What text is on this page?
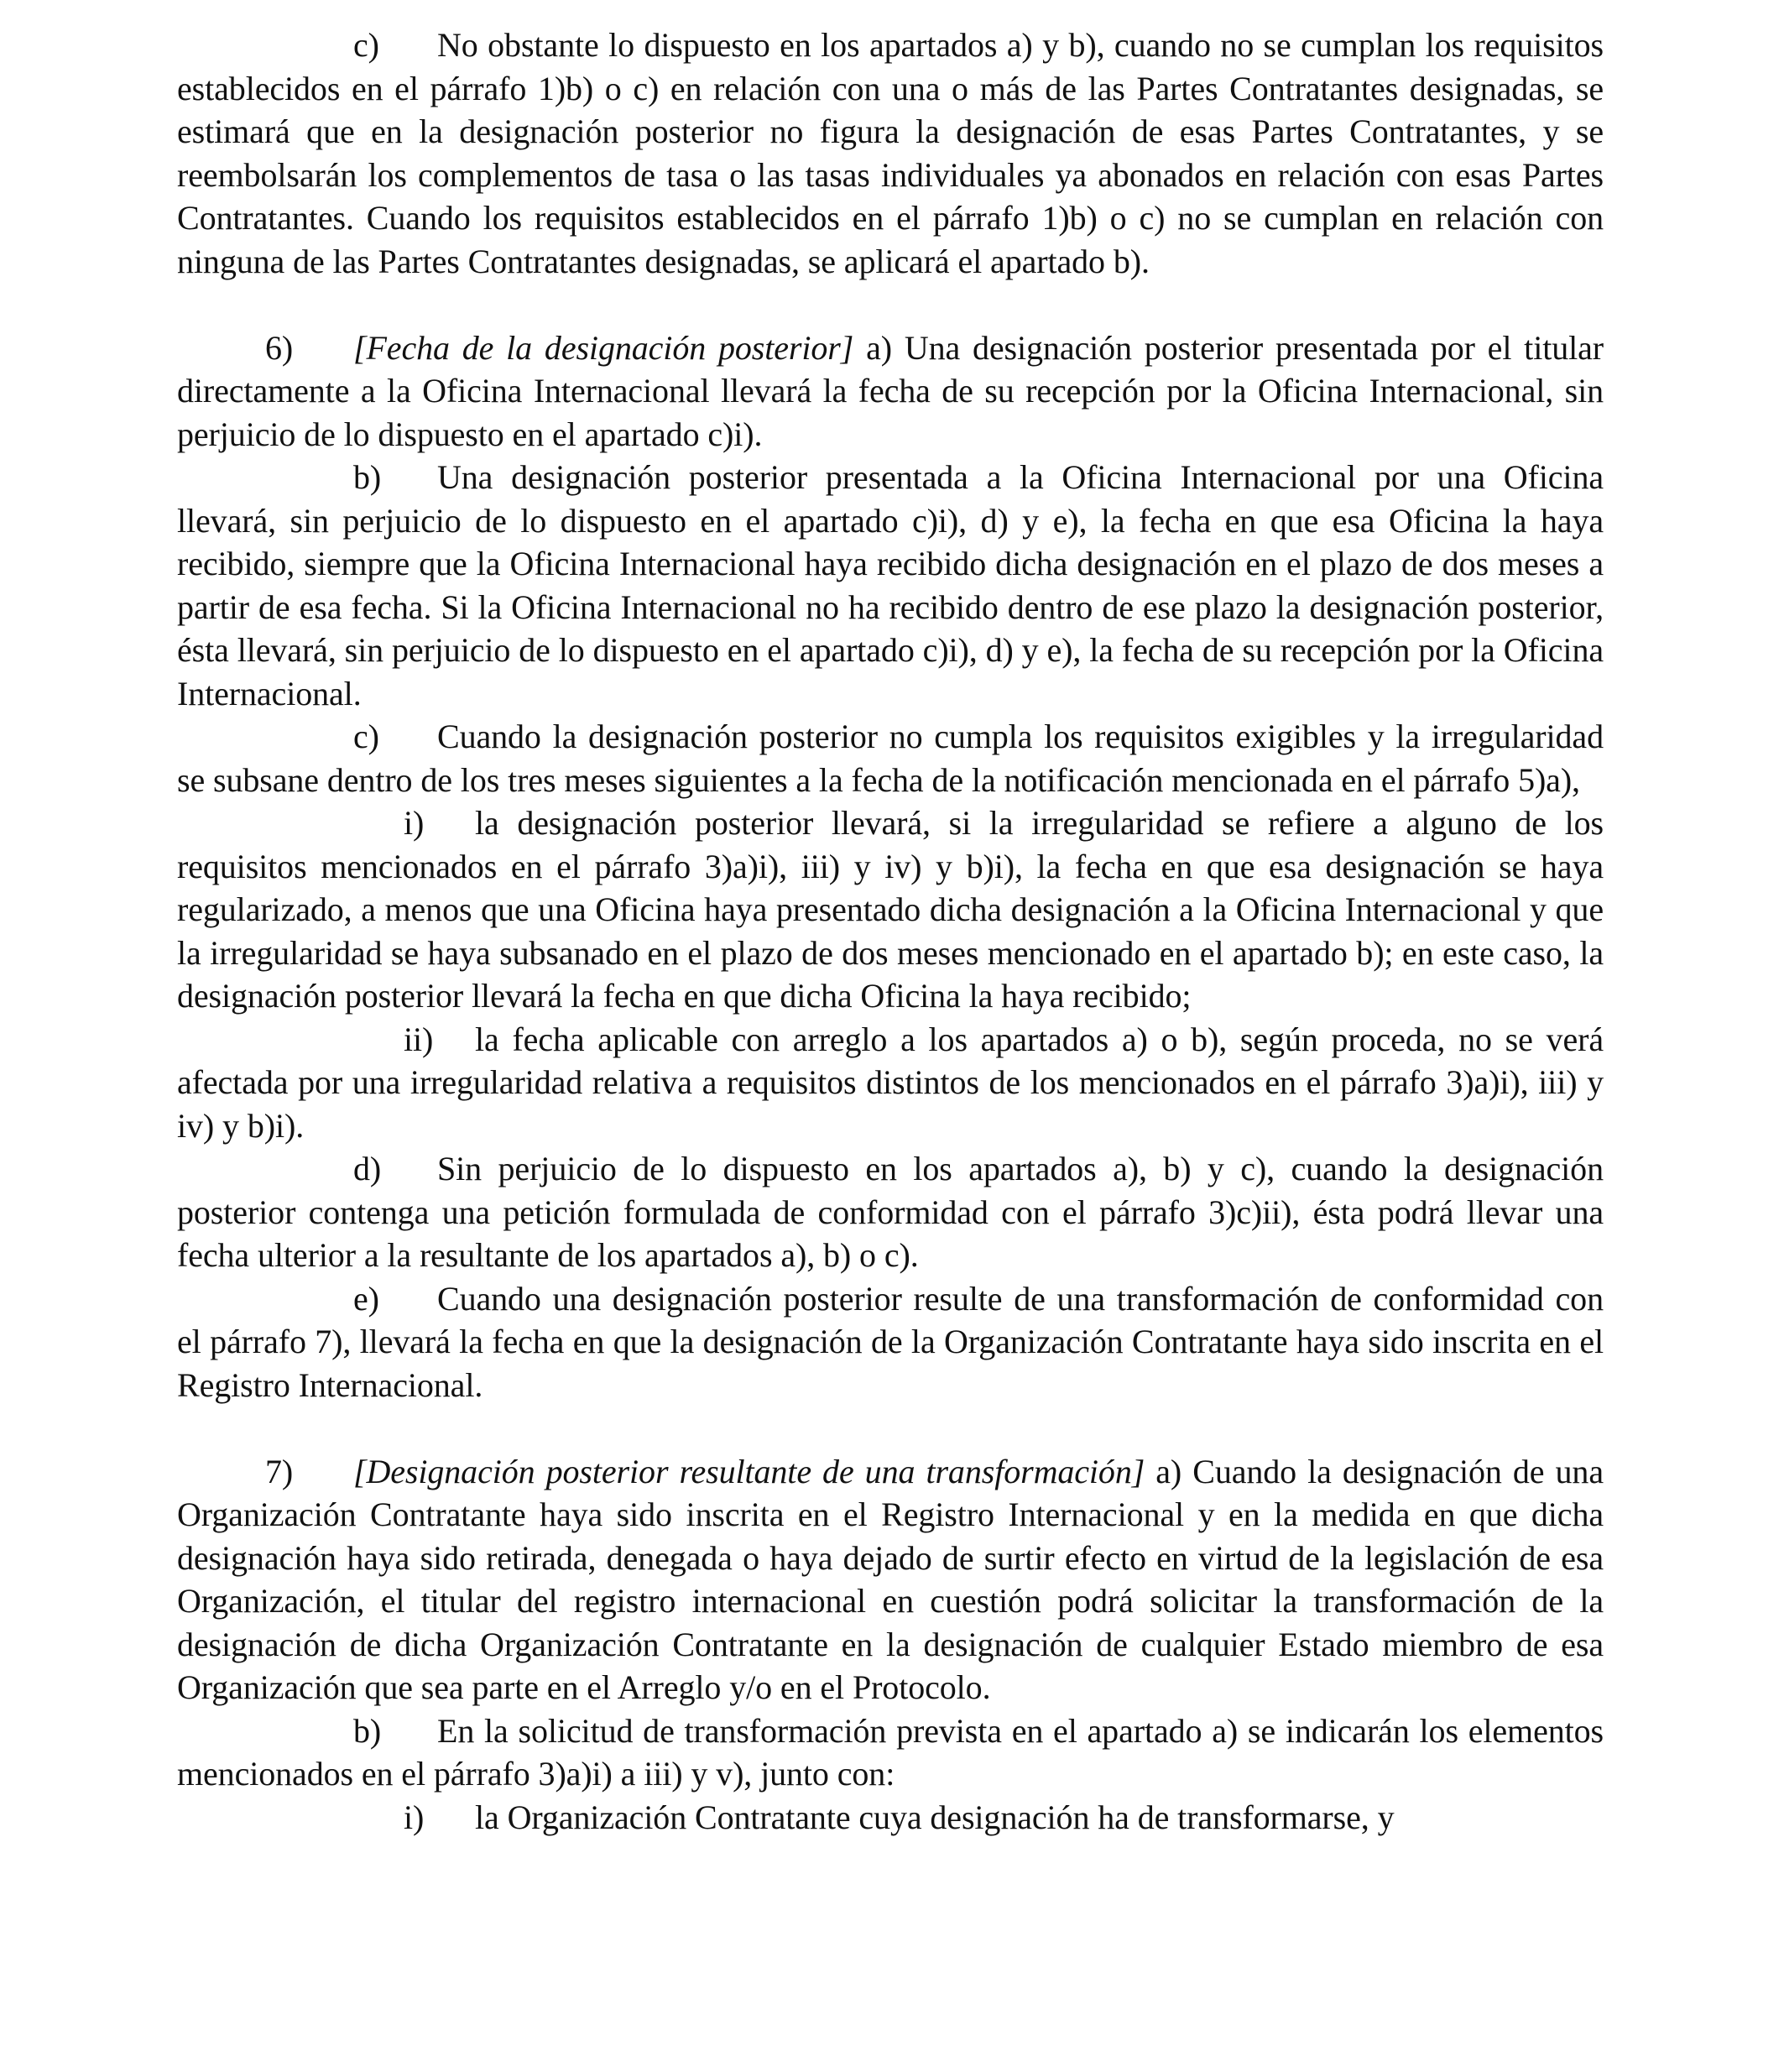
c) No obstante lo dispuesto en los apartados a) y b), cuando no se cumplan los requisitos establecidos en el párrafo 1)b) o c) en relación con una o más de las Partes Contratantes designadas, se estimará que en la designación posterior no figura la designación de esas Partes Contratantes, y se reembolsarán los complementos de tasa o las tasas individuales ya abonados en relación con esas Partes Contratantes. Cuando los requisitos establecidos en el párrafo 1)b) o c) no se cumplan en relación con ninguna de las Partes Contratantes designadas, se aplicará el apartado b).

6) [Fecha de la designación posterior] a) Una designación posterior presentada por el titular directamente a la Oficina Internacional llevará la fecha de su recepción por la Oficina Internacional, sin perjuicio de lo dispuesto en el apartado c)i).

b) Una designación posterior presentada a la Oficina Internacional por una Oficina llevará, sin perjuicio de lo dispuesto en el apartado c)i), d) y e), la fecha en que esa Oficina la haya recibido, siempre que la Oficina Internacional haya recibido dicha designación en el plazo de dos meses a partir de esa fecha. Si la Oficina Internacional no ha recibido dentro de ese plazo la designación posterior, ésta llevará, sin perjuicio de lo dispuesto en el apartado c)i), d) y e), la fecha de su recepción por la Oficina Internacional.

c) Cuando la designación posterior no cumpla los requisitos exigibles y la irregularidad se subsane dentro de los tres meses siguientes a la fecha de la notificación mencionada en el párrafo 5)a),

i) la designación posterior llevará, si la irregularidad se refiere a alguno de los requisitos mencionados en el párrafo 3)a)i), iii) y iv) y b)i), la fecha en que esa designación se haya regularizado, a menos que una Oficina haya presentado dicha designación a la Oficina Internacional y que la irregularidad se haya subsanado en el plazo de dos meses mencionado en el apartado b); en este caso, la designación posterior llevará la fecha en que dicha Oficina la haya recibido;

ii) la fecha aplicable con arreglo a los apartados a) o b), según proceda, no se verá afectada por una irregularidad relativa a requisitos distintos de los mencionados en el párrafo 3)a)i), iii) y iv) y b)i).

d) Sin perjuicio de lo dispuesto en los apartados a), b) y c), cuando la designación posterior contenga una petición formulada de conformidad con el párrafo 3)c)ii), ésta podrá llevar una fecha ulterior a la resultante de los apartados a), b) o c).

e) Cuando una designación posterior resulte de una transformación de conformidad con el párrafo 7), llevará la fecha en que la designación de la Organización Contratante haya sido inscrita en el Registro Internacional.

7) [Designación posterior resultante de una transformación] a) Cuando la designación de una Organización Contratante haya sido inscrita en el Registro Internacional y en la medida en que dicha designación haya sido retirada, denegada o haya dejado de surtir efecto en virtud de la legislación de esa Organización, el titular del registro internacional en cuestión podrá solicitar la transformación de la designación de dicha Organización Contratante en la designación de cualquier Estado miembro de esa Organización que sea parte en el Arreglo y/o en el Protocolo.

b) En la solicitud de transformación prevista en el apartado a) se indicarán los elementos mencionados en el párrafo 3)a)i) a iii) y v), junto con:

i) la Organización Contratante cuya designación ha de transformarse, y
